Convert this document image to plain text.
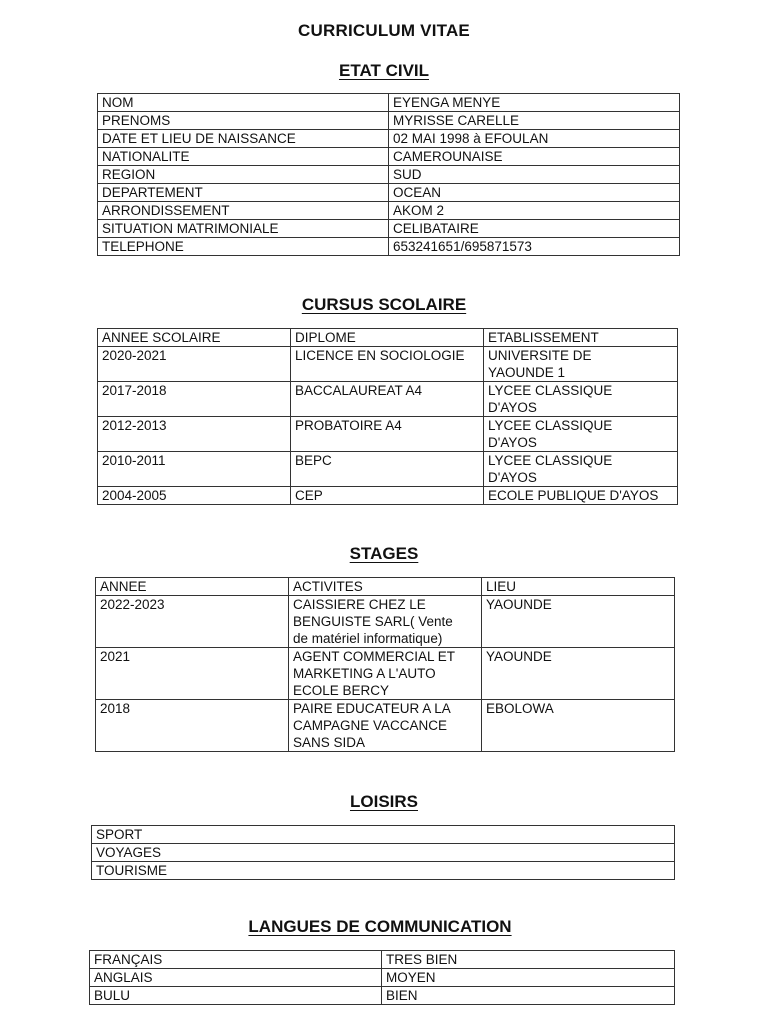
CURRICULUM VITAE
ETAT CIVIL
NOM	EYENGA MENYE
PRENOMS	MYRISSE CARELLE
DATE ET LIEU DE NAISSANCE	02 MAI 1998 à EFOULAN
NATIONALITE	CAMEROUNAISE
REGION	SUD
DEPARTEMENT	OCEAN
ARRONDISSEMENT	AKOM 2
SITUATION MATRIMONIALE	CELIBATAIRE
TELEPHONE	653241651/695871573
CURSUS SCOLAIRE
ANNEE SCOLAIRE	DIPLOME	ETABLISSEMENT
2020-2021	LICENCE EN SOCIOLOGIE	UNIVERSITE DE
YAOUNDE 1
2017-2018	BACCALAUREAT A4	LYCEE CLASSIQUE
D'AYOS
2012-2013	PROBATOIRE A4	LYCEE CLASSIQUE
D'AYOS
2010-2011	BEPC	LYCEE CLASSIQUE
D'AYOS
2004-2005	CEP	ECOLE PUBLIQUE D'AYOS
STAGES
ANNEE	ACTIVITES	LIEU
2022-2023	CAISSIERE CHEZ LE
BENGUISTE SARL( Vente
de matériel informatique)	YAOUNDE
2021	AGENT COMMERCIAL ET
MARKETING A L'AUTO
ECOLE BERCY	YAOUNDE
2018	PAIRE EDUCATEUR A LA
CAMPAGNE VACCANCE
SANS SIDA	EBOLOWA
LOISIRS
SPORT
VOYAGES
TOURISME
LANGUES DE COMMUNICATION
FRANÇAIS	TRES BIEN
ANGLAIS	MOYEN
BULU	BIEN
